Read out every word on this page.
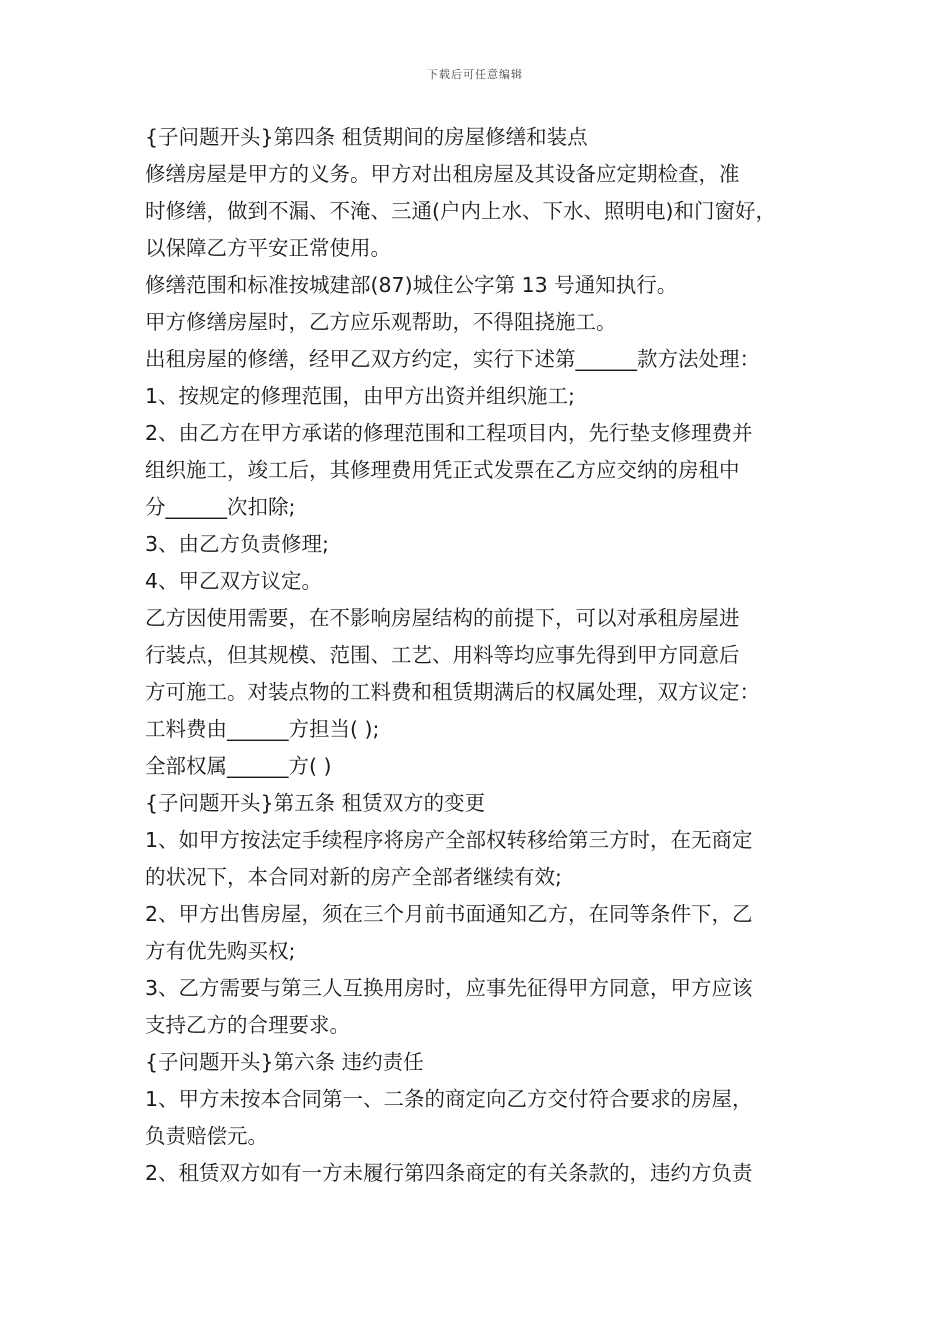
下载后可任意编辑
{子问题开头}第四条 租赁期间的房屋修缮和装点
修缮房屋是甲方的义务。甲方对出租房屋及其设备应定期检查，准
时修缮，做到不漏、不淹、三通(户内上水、下水、照明电)和门窗好，
以保障乙方平安正常使用。
修缮范围和标准按城建部(87)城住公字第 13 号通知执行。
甲方修缮房屋时，乙方应乐观帮助，不得阻挠施工。
出租房屋的修缮，经甲乙双方约定，实行下述第______款方法处理：
1、按规定的修理范围，由甲方出资并组织施工;
2、由乙方在甲方承诺的修理范围和工程项目内，先行垫支修理费并
组织施工，竣工后，其修理费用凭正式发票在乙方应交纳的房租中
分______次扣除;
3、由乙方负责修理;
4、甲乙双方议定。
乙方因使用需要，在不影响房屋结构的前提下，可以对承租房屋进
行装点，但其规模、范围、工艺、用料等均应事先得到甲方同意后
方可施工。对装点物的工料费和租赁期满后的权属处理，双方议定：
工料费由______方担当( );
全部权属______方( )
{子问题开头}第五条 租赁双方的变更
1、如甲方按法定手续程序将房产全部权转移给第三方时，在无商定
的状况下，本合同对新的房产全部者继续有效;
2、甲方出售房屋，须在三个月前书面通知乙方，在同等条件下，乙
方有优先购买权;
3、乙方需要与第三人互换用房时，应事先征得甲方同意，甲方应该
支持乙方的合理要求。
{子问题开头}第六条 违约责任
1、甲方未按本合同第一、二条的商定向乙方交付符合要求的房屋，
负责赔偿元。
2、租赁双方如有一方未履行第四条商定的有关条款的，违约方负责
